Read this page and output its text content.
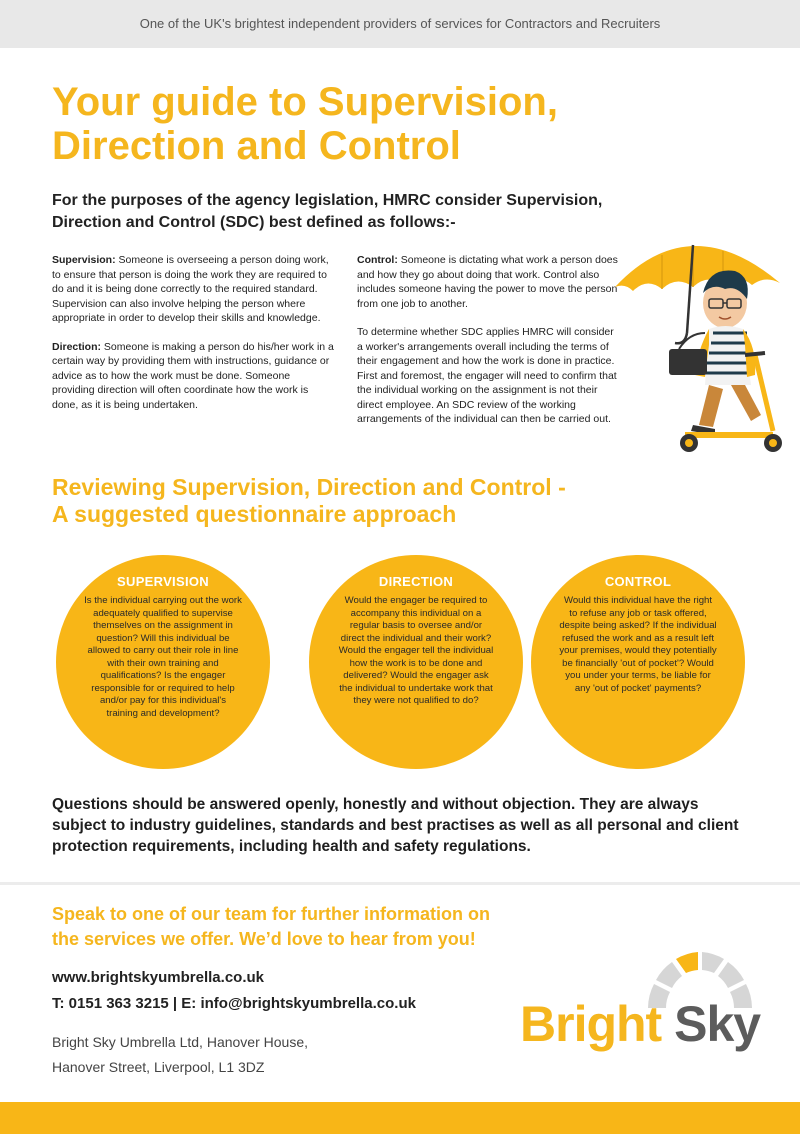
One of the UK's brightest independent providers of services for Contractors and Recruiters
Your guide to Supervision,
Direction and Control
For the purposes of the agency legislation, HMRC consider Supervision,
Direction and Control (SDC) best defined as follows:-

Supervision: Someone is overseeing a person doing work, to ensure that person is doing the work they are required to do and it is being done correctly to the required standard. Supervision can also involve helping the person where appropriate in order to develop their skills and knowledge.

Direction: Someone is making a person do his/her work in a certain way by providing them with instructions, guidance or advice as to how the work must be done. Someone providing direction will often coordinate how the work is done, as it is being undertaken.

Control: Someone is dictating what work a person does and how they go about doing that work. Control also includes someone having the power to move the person from one job to another.

To determine whether SDC applies HMRC will consider a worker's arrangements overall including the terms of their engagement and how the work is done in practice. First and foremost, the engager will need to confirm that the individual working on the assignment is not their direct employee. An SDC review of the working arrangements of the individual can then be carried out.

Reviewing Supervision, Direction and Control -
A suggested questionnaire approach
SUPERVISION
Is the individual carrying out the work adequately qualified to supervise themselves on the assignment in question? Will this individual be allowed to carry out their role in line with their own training and qualifications? Is the engager responsible for or required to help and/or pay for this individual's training and development?
DIRECTION
Would the engager be required to accompany this individual on a regular basis to oversee and/or direct the individual and their work? Would the engager tell the individual how the work is to be done and delivered? Would the engager ask the individual to undertake work that they were not qualified to do?
CONTROL
Would this individual have the right to refuse any job or task offered, despite being asked? If the individual refused the work and as a result left your premises, would they potentially be financially 'out of pocket'? Would you under your terms, be liable for any 'out of pocket' payments?
Questions should be answered openly, honestly and without objection. They are always subject to industry guidelines, standards and best practises as well as all personal and client protection requirements, including health and safety regulations.
Speak to one of our team for further information on
the services we offer. We’d love to hear from you!
www.brightskyumbrella.co.uk
T: 0151 363 3215 | E: info@brightskyumbrella.co.uk
Bright Sky Umbrella Ltd, Hanover House,
Hanover Street, Liverpool, L1 3DZ
Bright Sky
